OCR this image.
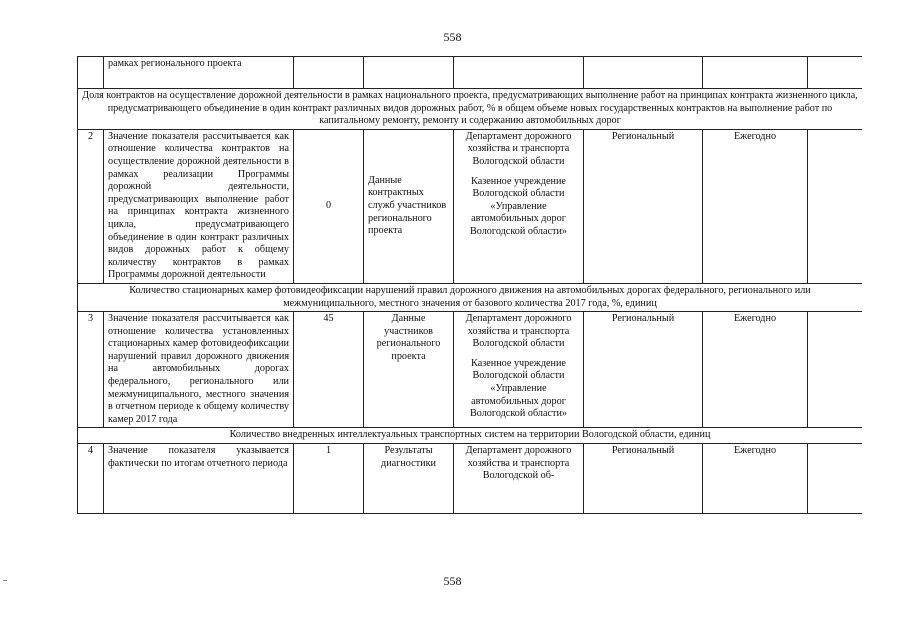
558
	рамках регионального проекта						
Доля контрактов на осуществление дорожной деятельности в рамках национального проекта, предусматривающих выполнение работ на принципах контракта жизненного цикла, предусматривающего объединение в один контракт различных видов дорожных работ, % в общем объеме новых государственных контрактов на выполнение работ по капитальному ремонту, ремонту и содержанию автомобильных дорог							
2	Значение показателя рассчитывается как отношение количества контрактов на осуществление дорожной деятельности в рамках реализации Программы дорожной деятельности, предусматривающих выполнение работ на принципах контракта жизненного цикла, предусматривающего объединение в один контракт различных видов дорожных работ к общему количеству контрактов в рамках Программы дорожной деятельности	0	Данные контрактных служб участников регионального проекта	Департамент дорожного хозяйства и транспорта Вологодской области
Казенное учреждение Вологодской области «Управление автомобильных дорог Вологодской области»	Региональный	Ежегодно	
Количество стационарных камер фотовидеофиксации нарушений правил дорожного движения на автомобильных дорогах федерального, регионального или межмуниципального, местного значения от базового количества 2017 года, %, единиц							
3	Значение показателя рассчитывается как отношение количества установленных стационарных камер фотовидеофиксации нарушений правил дорожного движения на автомобильных дорогах федерального, регионального или межмуниципального, местного значения в отчетном периоде к общему количеству камер 2017 года	45	Данные участников регионального проекта	Департамент дорожного хозяйства и транспорта Вологодской области
Казенное учреждение Вологодской области «Управление автомобильных дорог Вологодской области»	Региональный	Ежегодно	
Количество внедренных интеллектуальных транспортных систем на территории Вологодской области, единиц							
4	Значение показателя указывается фактически по итогам отчетного периода	1	Результаты диагностики	Департамент дорожного хозяйства и транспорта Вологодской об-	Региональный	Ежегодно	
558
